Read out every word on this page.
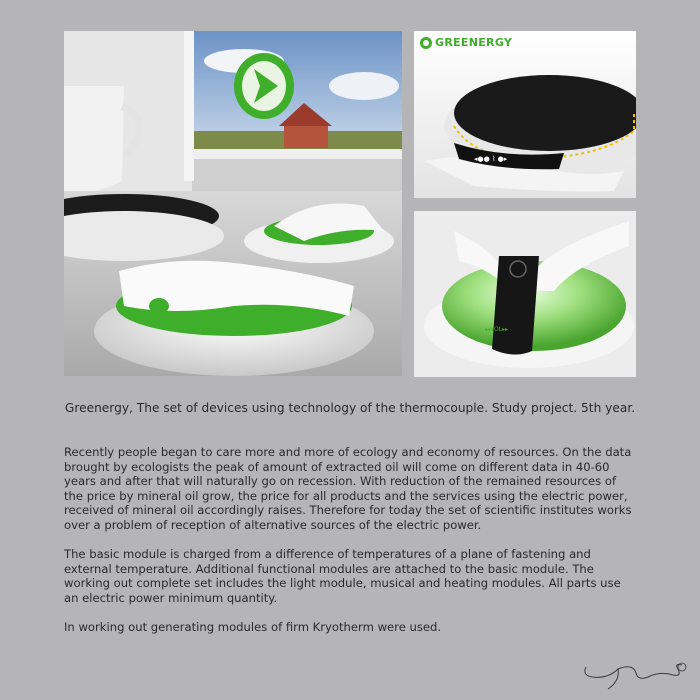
◂●● ⌇ ●▸
GREENERGY
◂◂VOL▸▸
Greenergy, The set of devices using technology of the thermocouple. Study project. 5th year.

Recently people began to care more and more of ecology and economy of resources. On the data brought by ecologists the peak of amount of extracted oil will come on different data in 40-60 years and after that will naturally go on recession. With reduction of the remained resources of the price by mineral oil grow, the price for all products and the services using the electric power, received of mineral oil accordingly raises. Therefore for today the set of scientific institutes works over a problem of reception of alternative sources of the electric power.

The basic module is charged from a difference of temperatures of a plane of fastening and external temperature. Additional functional modules are attached to the basic module. The working out complete set includes the light module, musical and heating modules. All parts use an electric power minimum quantity.

In working out generating modules of firm Kryotherm were used.
